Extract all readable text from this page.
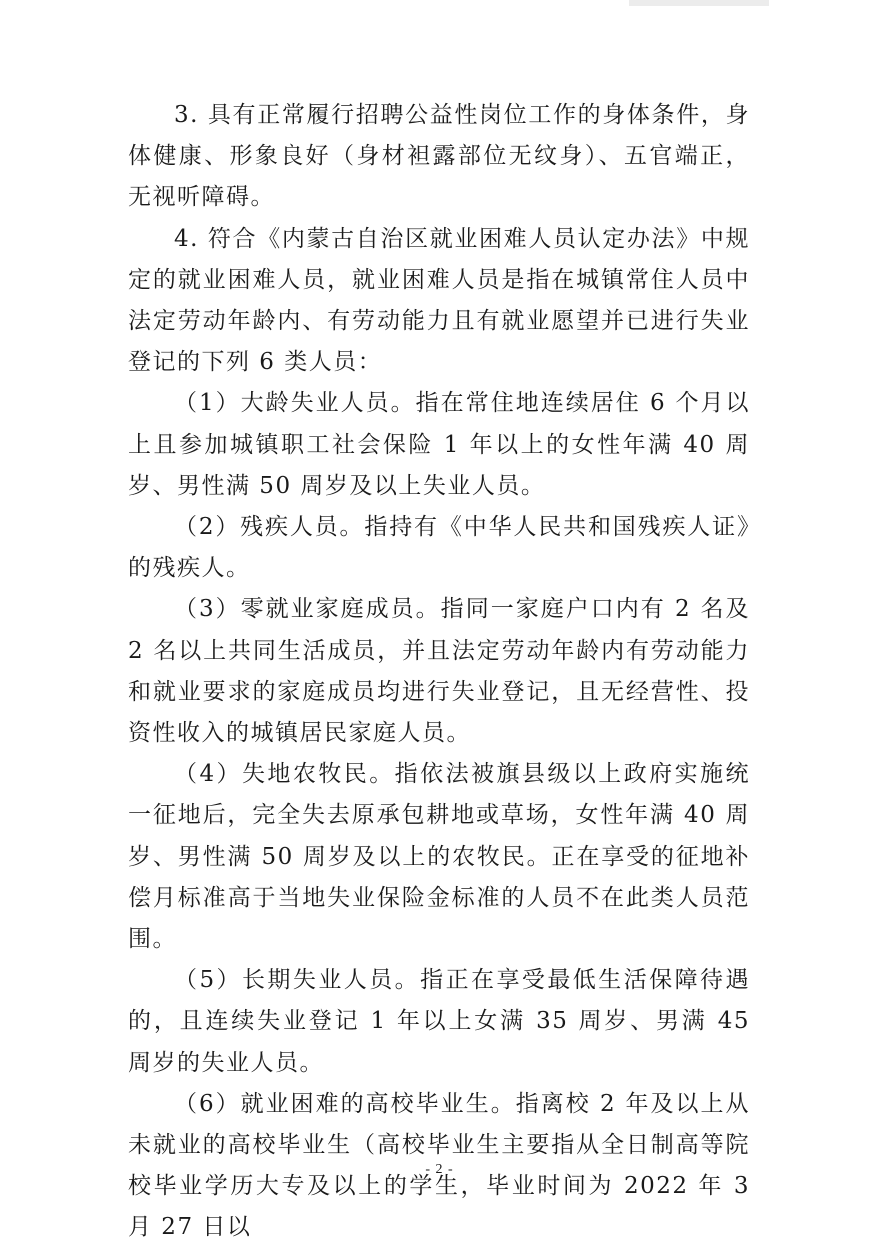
3. 具有正常履行招聘公益性岗位工作的身体条件，身体健康、形象良好（身材袒露部位无纹身）、五官端正，无视听障碍。

4. 符合《内蒙古自治区就业困难人员认定办法》中规定的就业困难人员，就业困难人员是指在城镇常住人员中法定劳动年龄内、有劳动能力且有就业愿望并已进行失业登记的下列 6 类人员：

（1）大龄失业人员。指在常住地连续居住 6 个月以上且参加城镇职工社会保险 1 年以上的女性年满 40 周岁、男性满 50 周岁及以上失业人员。

（2）残疾人员。指持有《中华人民共和国残疾人证》的残疾人。

（3）零就业家庭成员。指同一家庭户口内有 2 名及 2 名以上共同生活成员，并且法定劳动年龄内有劳动能力和就业要求的家庭成员均进行失业登记，且无经营性、投资性收入的城镇居民家庭人员。

（4）失地农牧民。指依法被旗县级以上政府实施统一征地后，完全失去原承包耕地或草场，女性年满 40 周岁、男性满 50 周岁及以上的农牧民。正在享受的征地补偿月标准高于当地失业保险金标准的人员不在此类人员范围。

（5）长期失业人员。指正在享受最低生活保障待遇的，且连续失业登记 1 年以上女满 35 周岁、男满 45 周岁的失业人员。

（6）就业困难的高校毕业生。指离校 2 年及以上从未就业的高校毕业生（高校毕业生主要指从全日制高等院校毕业学历大专及以上的学生，毕业时间为 2022 年 3 月 27 日以

- 2 -
